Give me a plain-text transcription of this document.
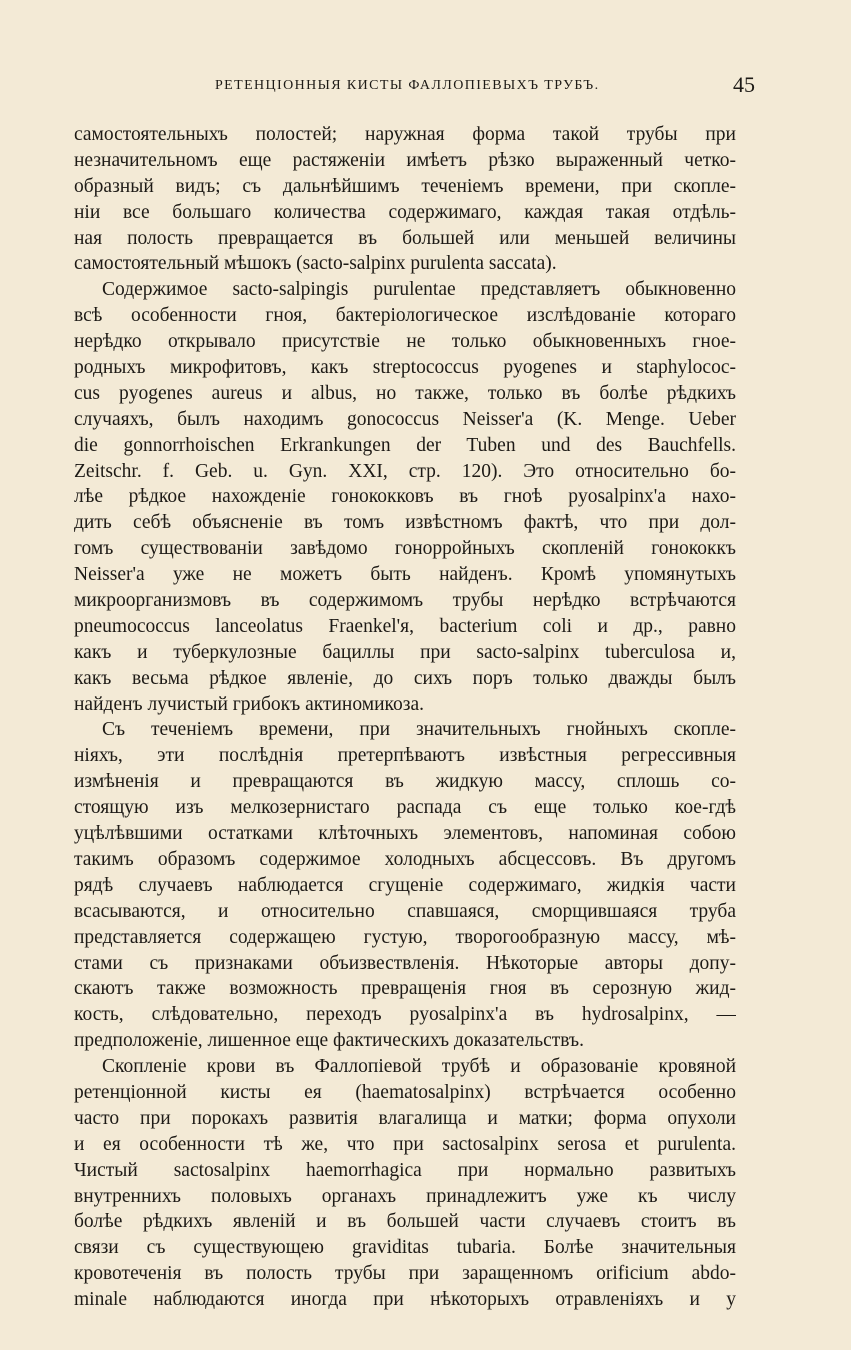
РЕТЕНЦІОННЫЯ КИСТЫ ФАЛЛОПІЕВЫХЪ ТРУБЪ.	45
самостоятельныхъ полостей; наружная форма такой трубы при
незначительномъ еще растяженіи имѣетъ рѣзко выраженный четко-
образный видъ; съ дальнѣйшимъ теченіемъ времени, при скопле-
ніи все большаго количества содержимаго, каждая такая отдѣль-
ная полость превращается въ большей или меньшей величины
самостоятельный мѣшокъ (sacto-salpinx purulenta saccata).
Содержимое sacto-salpingis purulentae представляетъ обыкновенно
всѣ особенности гноя, бактеріологическое изслѣдованіе котораго
нерѣдко открывало присутствіе не только обыкновенныхъ гное-
родныхъ микрофитовъ, какъ streptococcus pyogenes и staphylococ-
cus pyogenes aureus и albus, но также, только въ болѣе рѣдкихъ
случаяхъ, былъ находимъ gonococcus Neisser'a (K. Menge. Ueber
die gonnorrhoischen Erkrankungen der Tuben und des Bauchfells.
Zeitschr. f. Geb. u. Gyn. XXI, стр. 120). Это относительно бо-
лѣе рѣдкое нахожденіе гонококковъ въ гноѣ pyosalpinx'а нахо-
дить себѣ объясненіе въ томъ извѣстномъ фактѣ, что при дол-
гомъ существованіи завѣдомо гонорройныхъ скопленій гонококкъ
Neisser'а уже не можетъ быть найденъ. Кромѣ упомянутыхъ
микроорганизмовъ въ содержимомъ трубы нерѣдко встрѣчаются
pneumococcus lanceolatus Fraenkel'я, bacterium coli и др., равно
какъ и туберкулозные бациллы при sacto-salpinx tuberculosa и,
какъ весьма рѣдкое явленіе, до сихъ поръ только дважды былъ
найденъ лучистый грибокъ актиномикоза.
Съ теченіемъ времени, при значительныхъ гнойныхъ скопле-
ніяхъ, эти послѣднія претерпѣваютъ извѣстныя регрессивныя
измѣненія и превращаются въ жидкую массу, сплошь со-
стоящую изъ мелкозернистаго распада съ еще только кое-гдѣ
уцѣлѣвшими остатками клѣточныхъ элементовъ, напоминая собою
такимъ образомъ содержимое холодныхъ абсцессовъ. Въ другомъ
рядѣ случаевъ наблюдается сгущеніе содержимаго, жидкія части
всасываются, и относительно спавшаяся, сморщившаяся труба
представляется содержащею густую, творогообразную массу, мѣ-
стами съ признаками объизвествленія. Нѣкоторые авторы допу-
скаютъ также возможность превращенія гноя въ серозную жид-
кость, слѣдовательно, переходъ pyosalpinx'а въ hydrosalpinx, —
предположеніе, лишенное еще фактическихъ доказательствъ.
Скопленіе крови въ Фаллопіевой трубѣ и образованіе кровяной
ретенціонной кисты ея (haematosalpinx) встрѣчается особенно
часто при порокахъ развитія влагалища и матки; форма опухоли
и ея особенности тѣ же, что при sactosalpinx serosa et purulenta.
Чистый sactosalpinx haemorrhagica при нормально развитыхъ
внутреннихъ половыхъ органахъ принадлежитъ уже къ числу
болѣе рѣдкихъ явленій и въ большей части случаевъ стоитъ въ
связи съ существующею graviditas tubaria. Болѣе значительныя
кровотеченія въ полость трубы при заращенномъ orificium abdo-
minale наблюдаются иногда при нѣкоторыхъ отравленіяхъ и у
